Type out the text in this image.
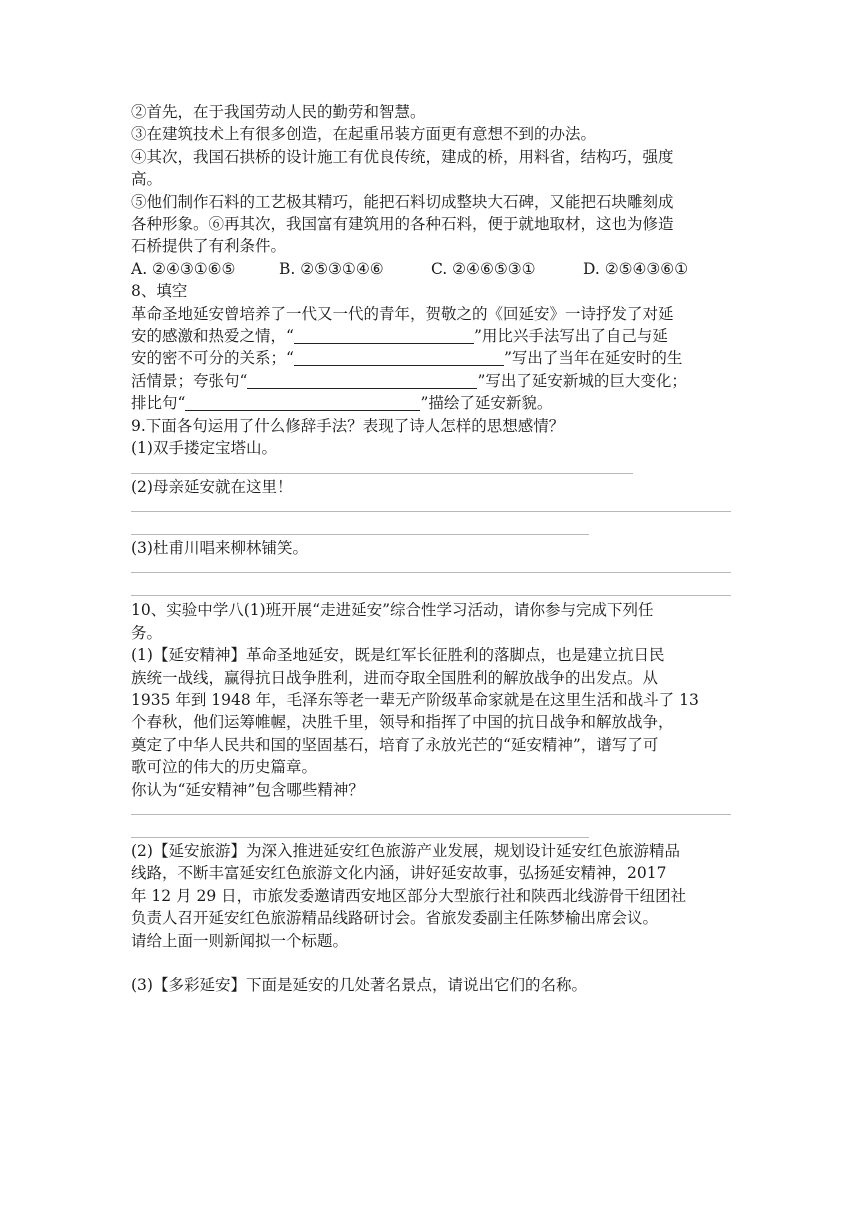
②首先，在于我国劳动人民的勤劳和智慧。
③在建筑技术上有很多创造，在起重吊装方面更有意想不到的办法。
④其次，我国石拱桥的设计施工有优良传统，建成的桥，用料省，结构巧，强度
高。
⑤他们制作石料的工艺极其精巧，能把石料切成整块大石碑，又能把石块雕刻成
各种形象。⑥再其次，我国富有建筑用的各种石料，便于就地取材，这也为修造
石桥提供了有利条件。
A. ②④③①⑥⑤	B. ②⑤③①④⑥	C. ②④⑥⑤③①	D. ②⑤④③⑥①
8、填空
革命圣地延安曾培养了一代又一代的青年，贺敬之的《回延安》一诗抒发了对延
安的感激和热爱之情，“	”用比兴手法写出了自己与延
安的密不可分的关系；“	”写出了当年在延安时的生
活情景；夸张句“	”写出了延安新城的巨大变化；
排比句“	”描绘了延安新貌。
9.下面各句运用了什么修辞手法？表现了诗人怎样的思想感情？
(1)双手搂定宝塔山。
(2)母亲延安就在这里！
(3)杜甫川唱来柳林铺笑。
10、实验中学八(1)班开展“走进延安”综合性学习活动，请你参与完成下列任
务。
(1)【延安精神】革命圣地延安，既是红军长征胜利的落脚点，也是建立抗日民
族统一战线，赢得抗日战争胜利，进而夺取全国胜利的解放战争的出发点。从
1935 年到 1948 年，毛泽东等老一辈无产阶级革命家就是在这里生活和战斗了 13
个春秋，他们运筹帷幄，决胜千里，领导和指挥了中国的抗日战争和解放战争，
奠定了中华人民共和国的坚固基石，培育了永放光芒的“延安精神”，谱写了可
歌可泣的伟大的历史篇章。
你认为“延安精神”包含哪些精神？
(2)【延安旅游】为深入推进延安红色旅游产业发展，规划设计延安红色旅游精品
线路，不断丰富延安红色旅游文化内涵，讲好延安故事，弘扬延安精神，2017
年 12 月 29 日，市旅发委邀请西安地区部分大型旅行社和陕西北线游骨干纽团社
负责人召开延安红色旅游精品线路研讨会。省旅发委副主任陈梦榆出席会议。
请给上面一则新闻拟一个标题。
(3)【多彩延安】下面是延安的几处著名景点，请说出它们的名称。
